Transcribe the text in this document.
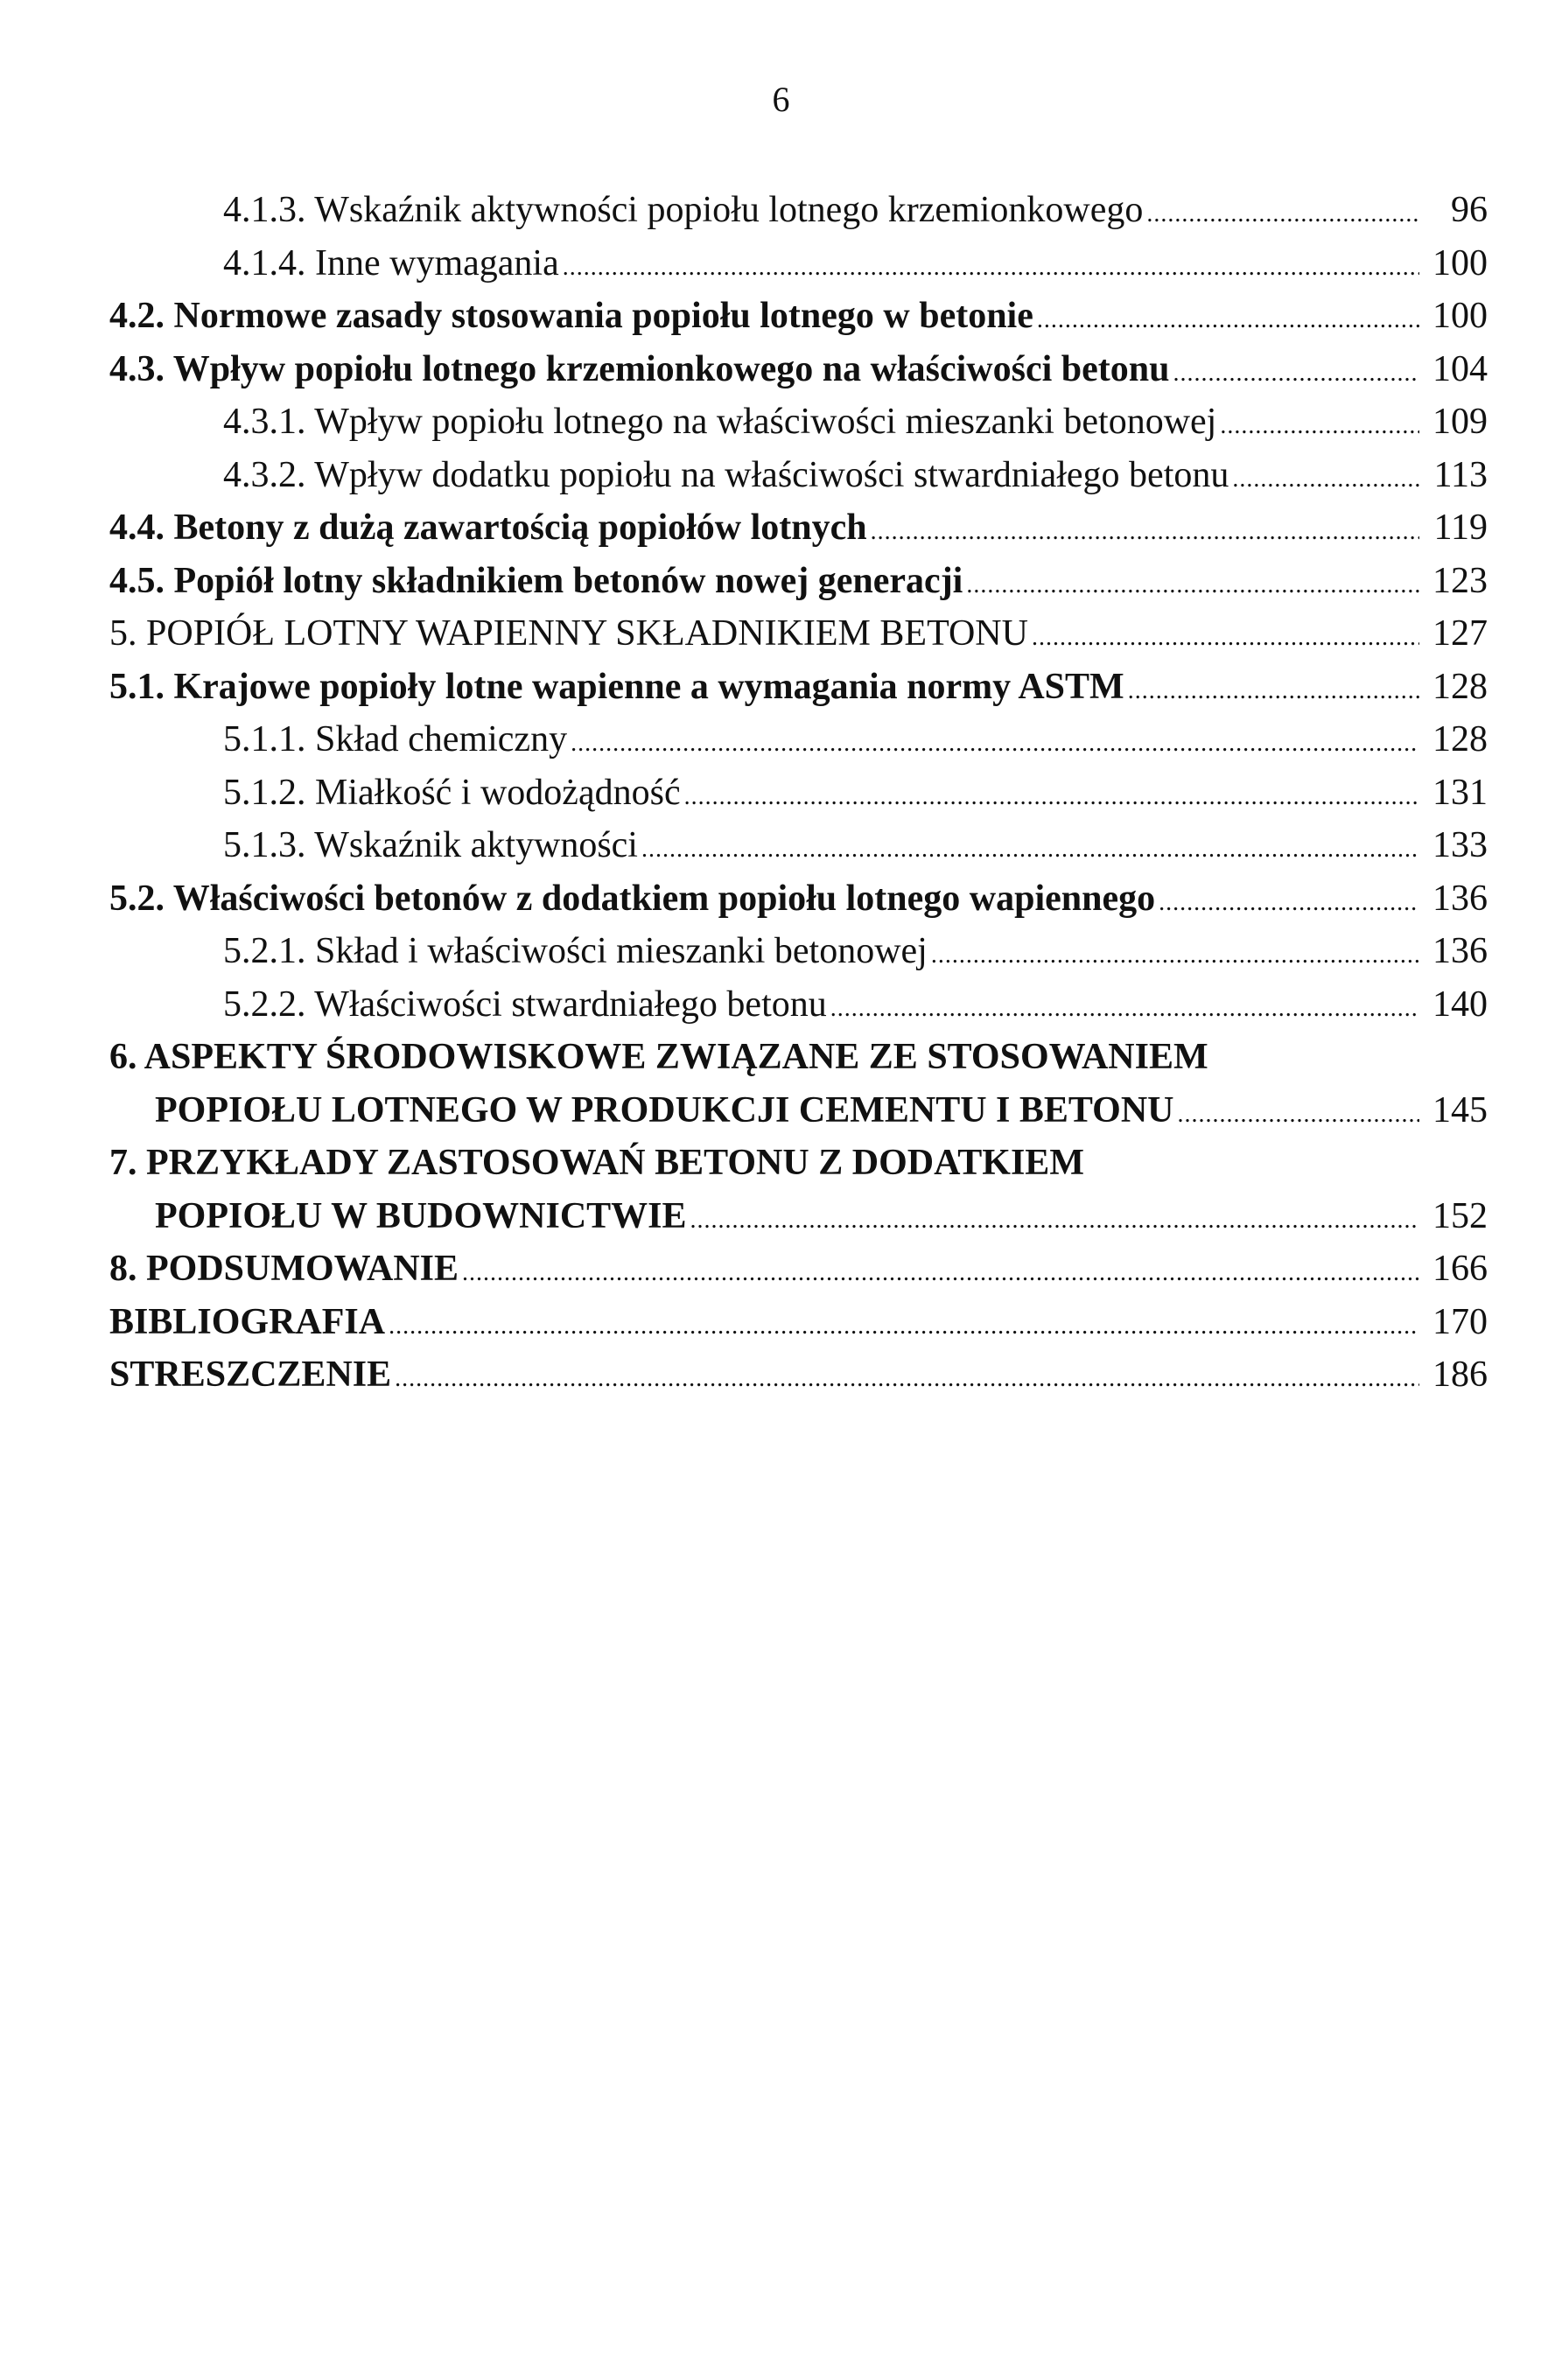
6
4.1.3. Wskaźnik aktywności popiołu lotnego krzemionkowego .....	96
4.1.4. Inne wymagania .....	100
4.2. Normowe zasady stosowania popiołu lotnego w betonie .....	100
4.3. Wpływ popiołu lotnego krzemionkowego na właściwości betonu .....	104
4.3.1. Wpływ popiołu lotnego na właściwości mieszanki betonowej .....	109
4.3.2. Wpływ dodatku popiołu na właściwości stwardniałego betonu .....	113
4.4. Betony z dużą zawartością popiołów lotnych .....	119
4.5. Popiół lotny składnikiem betonów nowej generacji .....	123
5. POPIÓŁ LOTNY WAPIENNY SKŁADNIKIEM BETONU .....	127
5.1. Krajowe popioły lotne wapienne a wymagania normy ASTM .....	128
5.1.1. Skład chemiczny .....	128
5.1.2. Miałkość i wodożądność .....	131
5.1.3. Wskaźnik aktywności .....	133
5.2. Właściwości betonów z dodatkiem popiołu lotnego wapiennego .....	136
5.2.1. Skład i właściwości mieszanki betonowej .....	136
5.2.2. Właściwości stwardniałego betonu .....	140
6. ASPEKTY ŚRODOWISKOWE ZWIĄZANE ZE STOSOWANIEM
POPIOŁU LOTNEGO W PRODUKCJI CEMENTU I BETONU .....	145
7. PRZYKŁADY ZASTOSOWAŃ BETONU Z DODATKIEM
POPIOŁU W BUDOWNICTWIE .....	152
8. PODSUMOWANIE .....	166
BIBLIOGRAFIA .....	170
STRESZCZENIE .....	186
